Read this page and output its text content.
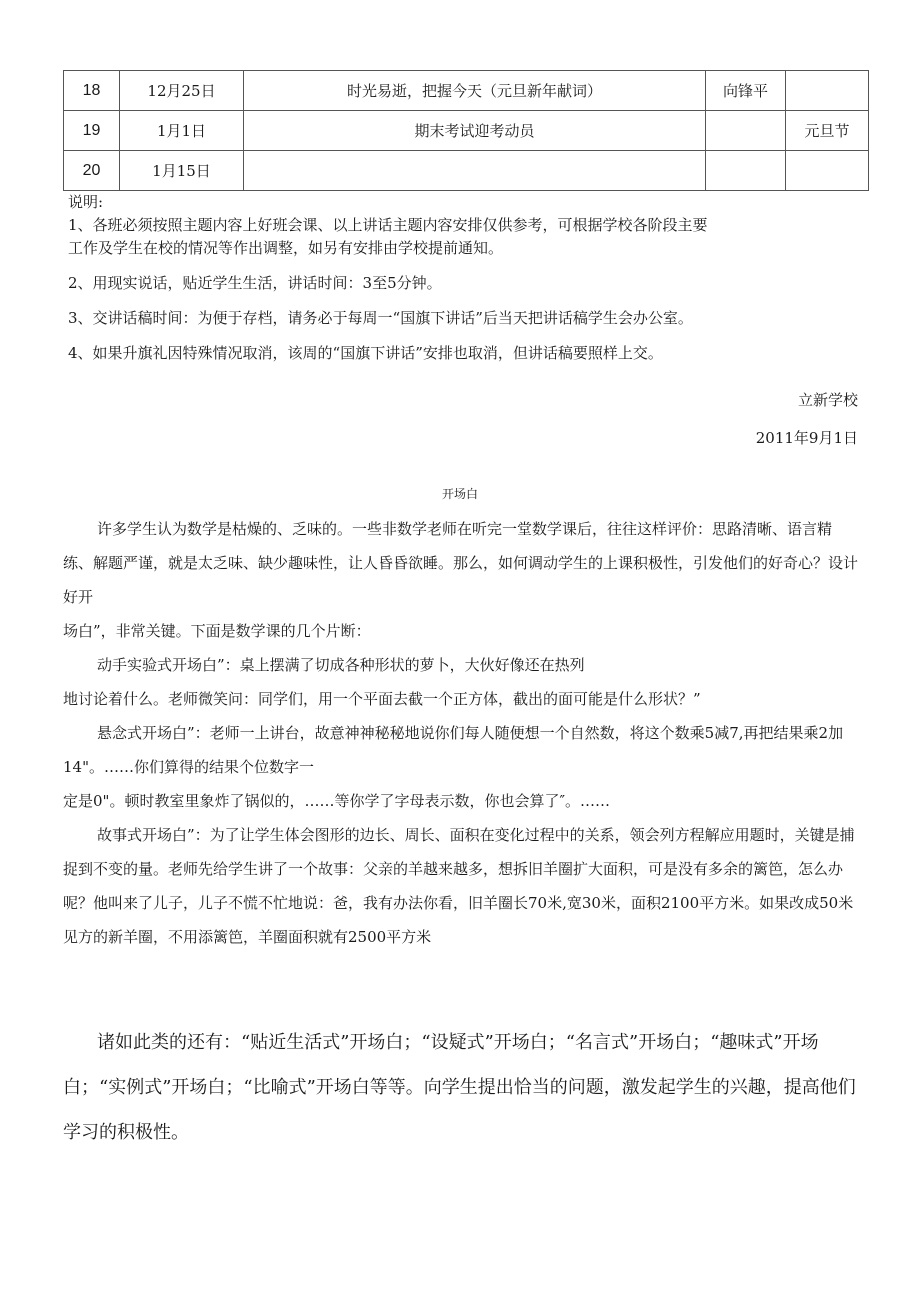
18	12月25日	时光易逝，把握今天（元旦新年献词）	向锋平	
19	1月1日	期末考试迎考动员		元旦节
20	1月15日			

说明:

1、各班必须按照主题内容上好班会课、以上讲话主题内容安排仅供参考，可根据学校各阶段主要

工作及学生在校的情况等作出调整，如另有安排由学校提前通知。

2、用现实说话，贴近学生生活，讲话时间：3至5分钟。

3、交讲话稿时间：为便于存档，请务必于每周一“国旗下讲话”后当天把讲话稿学生会办公室。

4、如果升旗礼因特殊情况取消，该周的“国旗下讲话”安排也取消，但讲话稿要照样上交。

立新学校
2011年9月1日
开场白

许多学生认为数学是枯燥的、乏味的。一些非数学老师在听完一堂数学课后，往往这样评价：思路清晰、语言精练、解题严谨，就是太乏味、缺少趣味性，让人昏昏欲睡。那么，如何调动学生的上课积极性，引发他们的好奇心？设计好开

场白”，非常关键。下面是数学课的几个片断：

动手实验式开场白”：桌上摆满了切成各种形状的萝卜，大伙好像还在热列

地讨论着什么。老师微笑问：同学们，用一个平面去截一个正方体，截出的面可能是什么形状？”

悬念式开场白”：老师一上讲台，故意神神秘秘地说你们每人随便想一个自然数，将这个数乘5减7,再把结果乘2加14"。……你们算得的结果个位数字一

定是0"。顿时教室里象炸了锅似的，……等你学了字母表示数，你也会算了″。……

故事式开场白”：为了让学生体会图形的边长、周长、面积在变化过程中的关系，领会列方程解应用题时，关键是捕捉到不变的量。老师先给学生讲了一个故事：父亲的羊越来越多，想拆旧羊圈扩大面积，可是没有多余的篱笆，怎么办呢？他叫来了儿子，儿子不慌不忙地说：爸，我有办法你看，旧羊圈长70米,宽30米，面积2100平方米。如果改成50米见方的新羊圈，不用添篱笆，羊圈面积就有2500平方米

诸如此类的还有：“贴近生活式”开场白；“设疑式”开场白；“名言式”开场白；“趣味式”开场白；“实例式”开场白；“比喻式”开场白等等。向学生提出恰当的问题，激发起学生的兴趣，提高他们学习的积极性。
